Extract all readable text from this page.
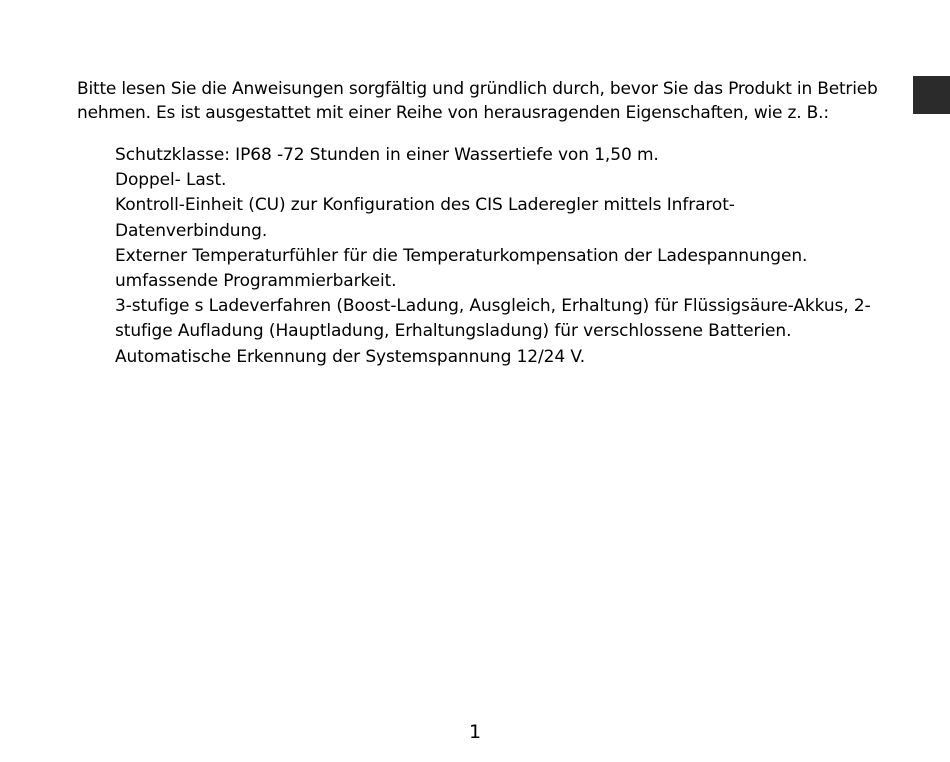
Bitte lesen Sie die Anweisungen sorgfältig und gründlich durch, bevor Sie das Produkt in Betrieb
nehmen. Es ist ausgestattet mit einer Reihe von herausragenden Eigenschaften, wie z. B.:

Schutzklasse: IP68 -72 Stunden in einer Wassertiefe von 1,50 m.
Doppel- Last.
Kontroll-Einheit (CU) zur Konfiguration des CIS Laderegler mittels Infrarot-
Datenverbindung.
Externer Temperaturfühler für die Temperaturkompensation der Ladespannungen.
umfassende Programmierbarkeit.
3-stufige s Ladeverfahren (Boost-Ladung, Ausgleich, Erhaltung) für Flüssigsäure-Akkus, 2-
stufige Aufladung (Hauptladung, Erhaltungsladung) für verschlossene Batterien.
Automatische Erkennung der Systemspannung 12/24 V.
1
